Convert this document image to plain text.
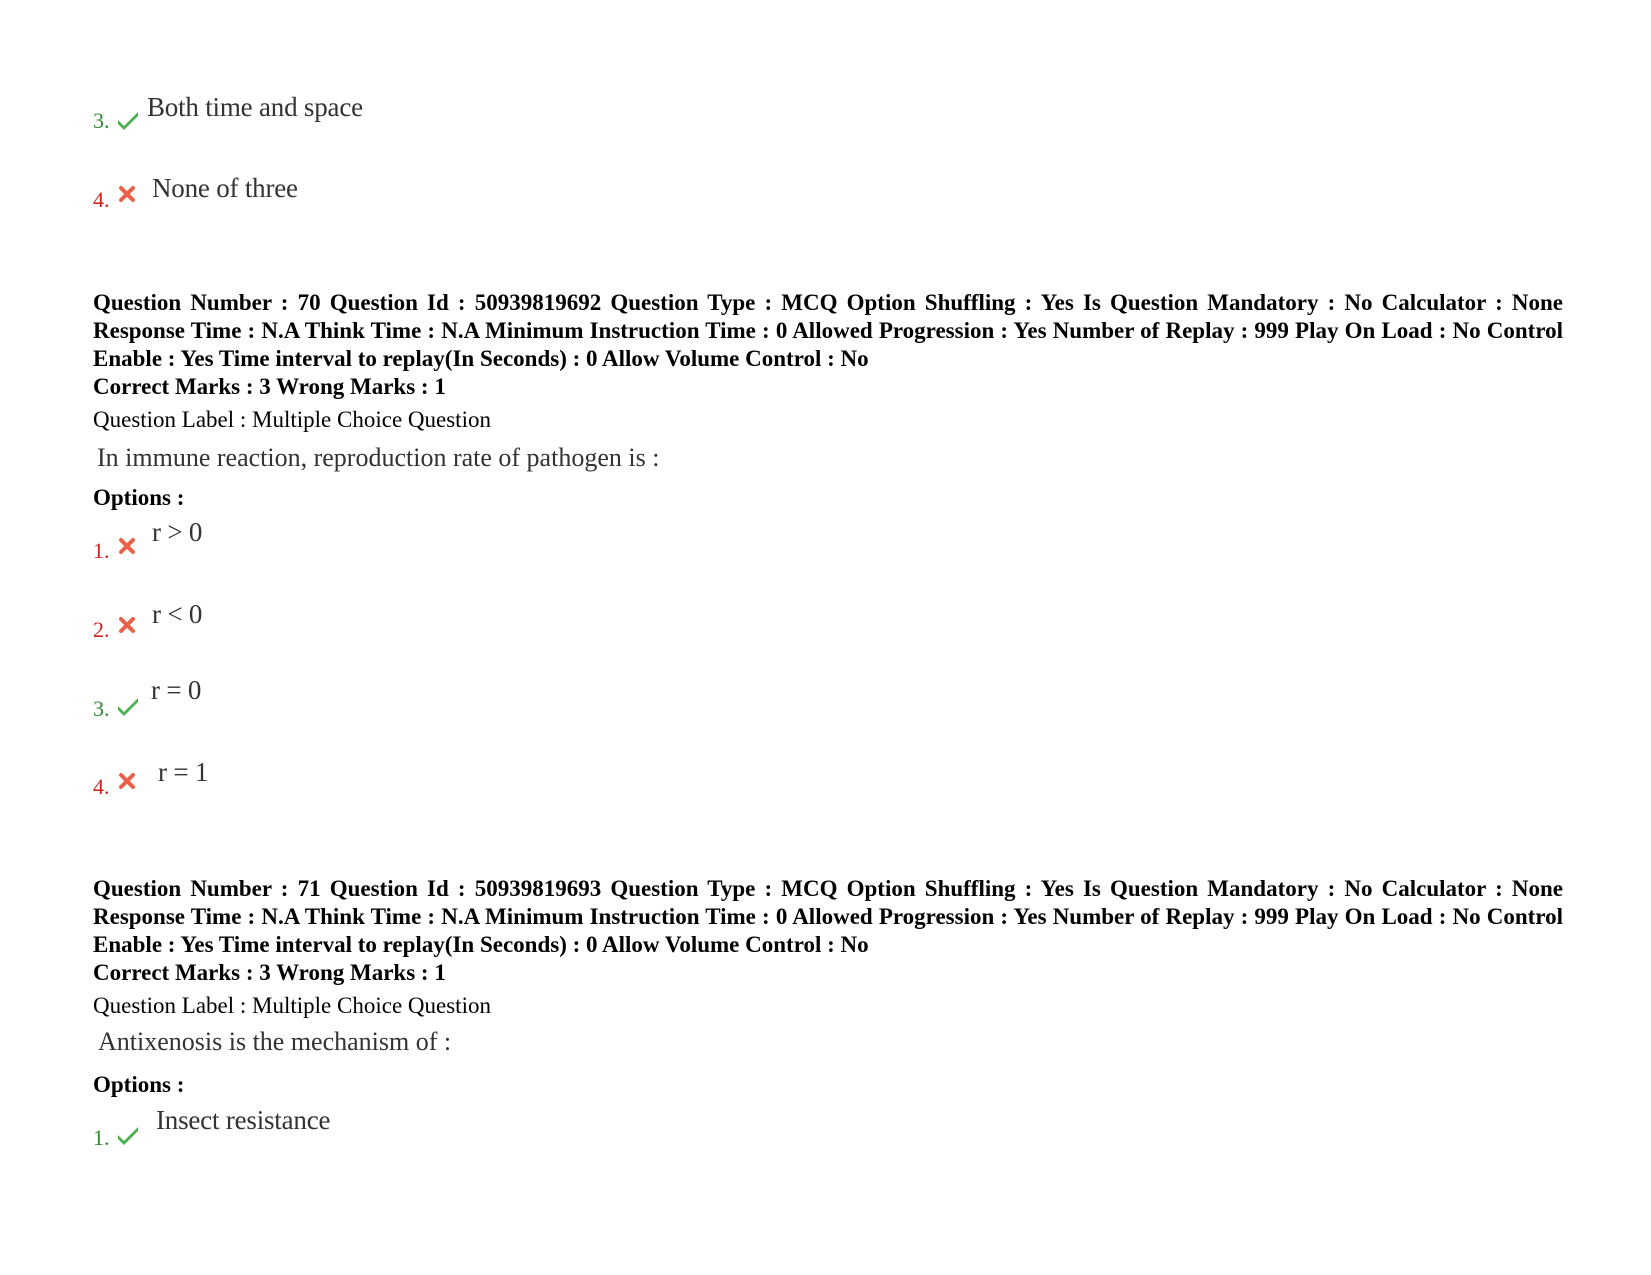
3. Both time and space
4. None of three
Question Number : 70 Question Id : 50939819692 Question Type : MCQ Option Shuffling : Yes Is Question Mandatory : No Calculator : None Response Time : N.A Think Time : N.A Minimum Instruction Time : 0 Allowed Progression : Yes Number of Replay : 999 Play On Load : No Control Enable : Yes Time interval to replay(In Seconds) : 0 Allow Volume Control : No
Correct Marks : 3 Wrong Marks : 1
Question Label : Multiple Choice Question
In immune reaction, reproduction rate of pathogen is :
Options :
1.
r > 0
2.
r < 0
3.
r = 0
4. r = 1
Question Number : 71 Question Id : 50939819693 Question Type : MCQ Option Shuffling : Yes Is Question Mandatory : No Calculator : None Response Time : N.A Think Time : N.A Minimum Instruction Time : 0 Allowed Progression : Yes Number of Replay : 999 Play On Load : No Control Enable : Yes Time interval to replay(In Seconds) : 0 Allow Volume Control : No
Correct Marks : 3 Wrong Marks : 1
Question Label : Multiple Choice Question
Antixenosis is the mechanism of :
Options :
1.
Insect resistance
